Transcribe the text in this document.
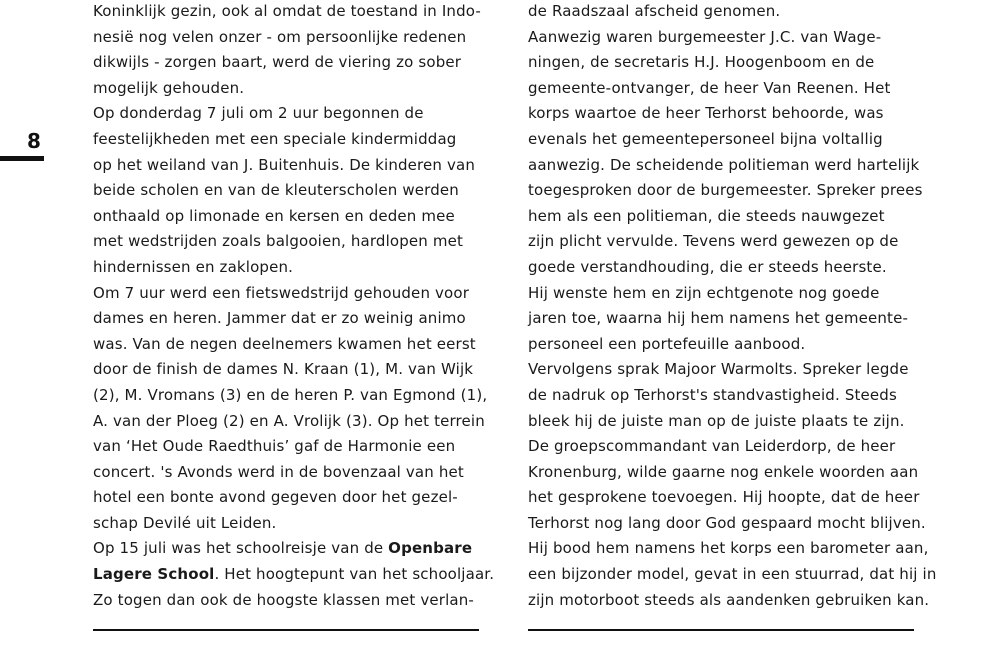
8
Koninklijk gezin, ook al omdat de toestand in Indo-
nesië nog velen onzer - om persoonlijke redenen
dikwijls - zorgen baart, werd de viering zo sober
mogelijk gehouden.
Op donderdag 7 juli om 2 uur begonnen de
feestelijkheden met een speciale kindermiddag
op het weiland van J. Buitenhuis. De kinderen van
beide scholen en van de kleuterscholen werden
onthaald op limonade en kersen en deden mee
met wedstrijden zoals balgooien, hardlopen met
hindernissen en zaklopen.
Om 7 uur werd een fietswedstrijd gehouden voor
dames en heren. Jammer dat er zo weinig animo
was. Van de negen deelnemers kwamen het eerst
door de finish de dames N. Kraan (1), M. van Wijk
(2), M. Vromans (3) en de heren P. van Egmond (1),
A. van der Ploeg (2) en A. Vrolijk (3). Op het terrein
van ‘Het Oude Raedthuis’ gaf de Harmonie een
concert. 's Avonds werd in de bovenzaal van het
hotel een bonte avond gegeven door het gezel-
schap Devilé uit Leiden.
Op 15 juli was het schoolreisje van de Openbare
Lagere School. Het hoogtepunt van het schooljaar.
Zo togen dan ook de hoogste klassen met verlan-
de Raadszaal afscheid genomen.
Aanwezig waren burgemeester J.C. van Wage-
ningen, de secretaris H.J. Hoogenboom en de
gemeente-ontvanger, de heer Van Reenen. Het
korps waartoe de heer Terhorst behoorde, was
evenals het gemeentepersoneel bijna voltallig
aanwezig. De scheidende politieman werd hartelijk
toegesproken door de burgemeester. Spreker prees
hem als een politieman, die steeds nauwgezet
zijn plicht vervulde. Tevens werd gewezen op de
goede verstandhouding, die er steeds heerste.
Hij wenste hem en zijn echtgenote nog goede
jaren toe, waarna hij hem namens het gemeente-
personeel een portefeuille aanbood.
Vervolgens sprak Majoor Warmolts. Spreker legde
de nadruk op Terhorst's standvastigheid. Steeds
bleek hij de juiste man op de juiste plaats te zijn.
De groepscommandant van Leiderdorp, de heer
Kronenburg, wilde gaarne nog enkele woorden aan
het gesprokene toevoegen. Hij hoopte, dat de heer
Terhorst nog lang door God gespaard mocht blijven.
Hij bood hem namens het korps een barometer aan,
een bijzonder model, gevat in een stuurrad, dat hij in
zijn motorboot steeds als aandenken gebruiken kan.
